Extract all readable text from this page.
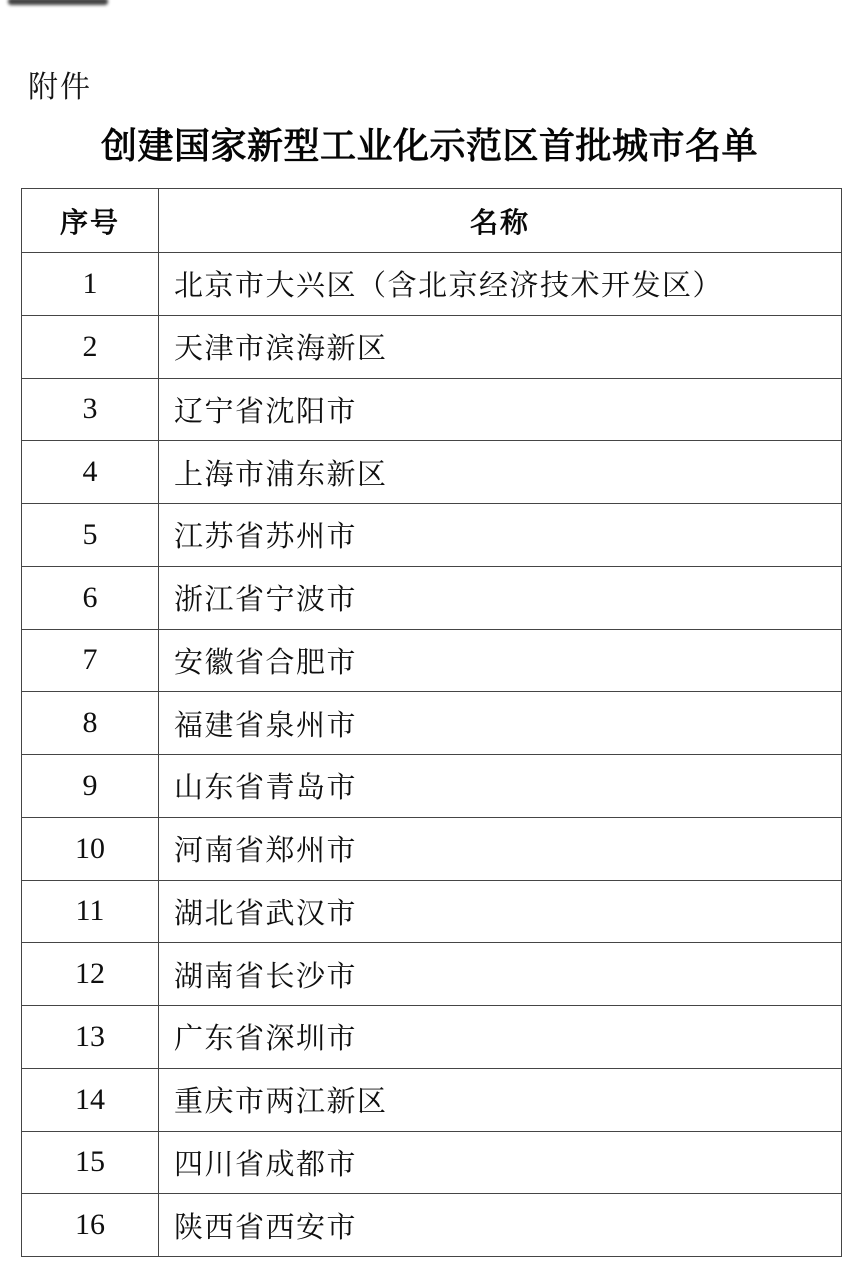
附件
创建国家新型工业化示范区首批城市名单
序号	名称
1	北京市大兴区（含北京经济技术开发区）
2	天津市滨海新区
3	辽宁省沈阳市
4	上海市浦东新区
5	江苏省苏州市
6	浙江省宁波市
7	安徽省合肥市
8	福建省泉州市
9	山东省青岛市
10	河南省郑州市
11	湖北省武汉市
12	湖南省长沙市
13	广东省深圳市
14	重庆市两江新区
15	四川省成都市
16	陕西省西安市
